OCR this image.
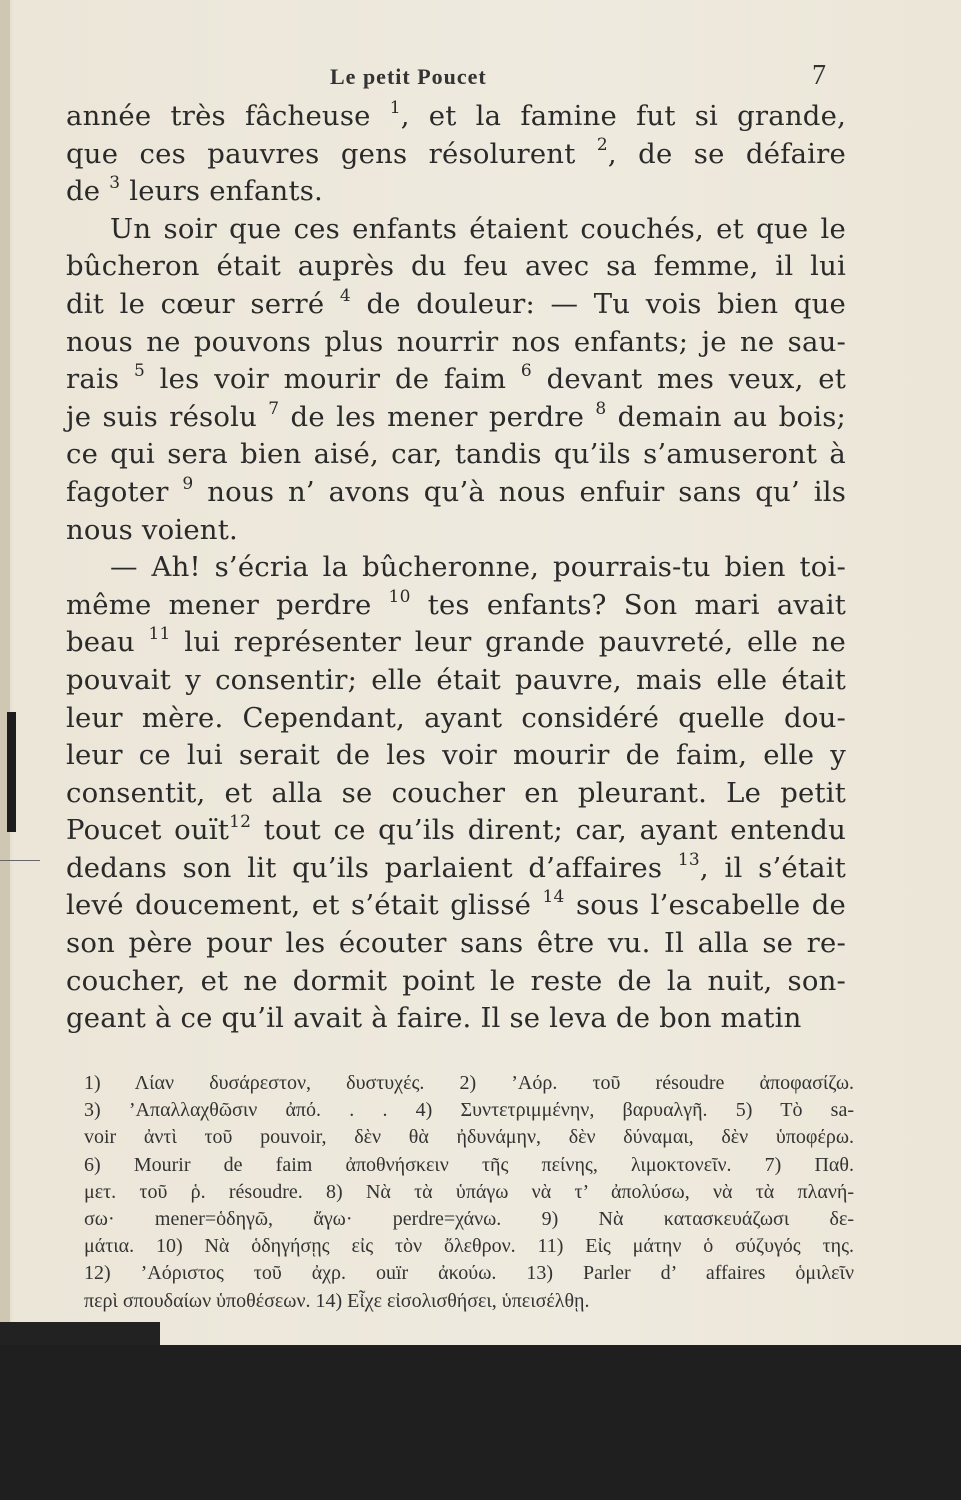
Le petit Poucet	7
année très fâcheuse $^1$, et la famine fut si grande,
que ces pauvres gens résolurent $^2$, de se défaire
de $^3$ leurs enfants.
Un soir que ces enfants étaient couchés, et que le
bûcheron était auprès du feu avec sa femme, il lui
dit le cœur serré $^4$ de douleur: — Tu vois bien que
nous ne pouvons plus nourrir nos enfants; je ne sau-
rais $^5$ les voir mourir de faim $^6$ devant mes veux, et
je suis résolu $^7$ de les mener perdre $^8$ demain au bois;
ce qui sera bien aisé, car, tandis qu’ils s’amuseront à
fagoter $^9$ nous n’ avons qu’à nous enfuir sans qu’ ils
nous voient.
— Ah! s’écria la bûcheronne, pourrais-tu bien toi-
même mener perdre $^{10}$ tes enfants? Son mari avait
beau $^{11}$ lui représenter leur grande pauvreté, elle ne
pouvait y consentir; elle était pauvre, mais elle était
leur mère. Cependant, ayant considéré quelle dou-
leur ce lui serait de les voir mourir de faim, elle y
consentit, et alla se coucher en pleurant. Le petit
Poucet ouït$^{12}$ tout ce qu’ils dirent; car, ayant entendu
dedans son lit qu’ils parlaient d’affaires $^{13}$, il s’était
levé doucement, et s’était glissé $^{14}$ sous l’escabelle de
son père pour les écouter sans être vu. Il alla se re-
coucher, et ne dormit point le reste de la nuit, son-
geant à ce qu’il avait à faire. Il se leva de bon matin
1) Λίαν δυσάρεστον, δυστυχές. 2) ’Αόρ. τοῦ résoudre ἀποφασίζω.
3) ’Απαλλαχθῶσιν ἀπό. . . 4) Συντετριμμένην, βαρυαλγῆ. 5) Τὸ sa-
voir ἀντὶ τοῦ pouvoir, δὲν θὰ ἠδυνάμην, δὲν δύναμαι, δὲν ὑποφέρω.
6) Mourir de faim ἀποθνήσκειν τῆς πείνης, λιμοκτονεῖν. 7) Παθ.
μετ. τοῦ ῥ. résoudre. 8) Νὰ τὰ ὑπάγω νὰ τ’ ἀπολύσω, νὰ τὰ πλανή-
σω· mener=ὁδηγῶ, ἄγω· perdre=χάνω. 9) Νὰ κατασκευάζωσι δε-
μάτια. 10) Νὰ ὁδηγήσῃς εἰς τὸν ὄλεθρον. 11) Εἰς μάτην ὁ σύζυγός της.
12) ’Αόριστος τοῦ ἀχρ. ouïr ἀκούω. 13) Parler d’ affaires ὁμιλεῖν
περὶ σπουδαίων ὑποθέσεων. 14) Εἶχε εἰσολισθήσει, ὑπεισέλθῃ.
